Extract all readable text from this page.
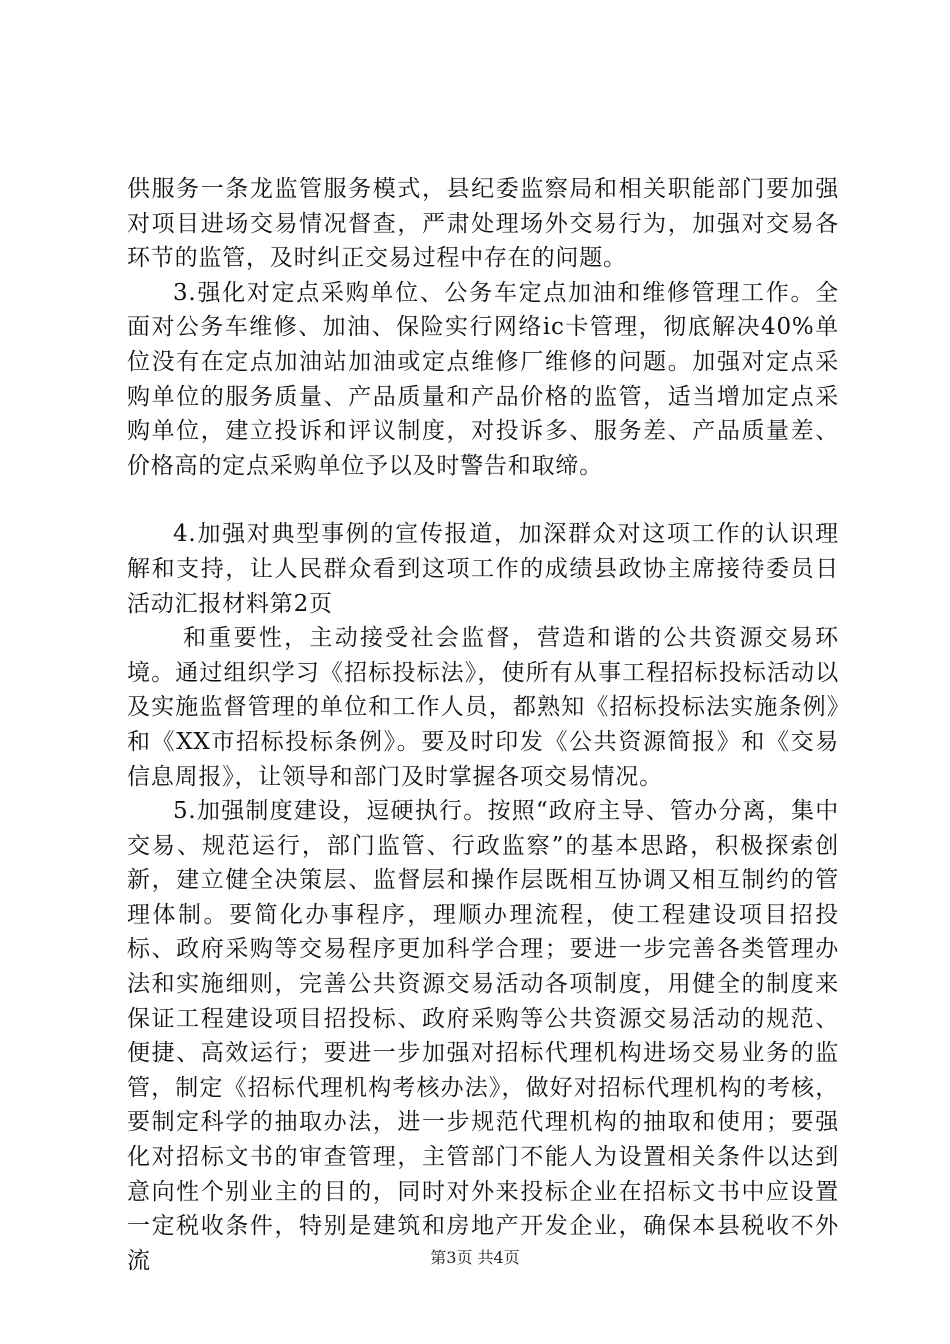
供服务一条龙监管服务模式，县纪委监察局和相关职能部门要加强对项目进场交易情况督查，严肃处理场外交易行为，加强对交易各环节的监管，及时纠正交易过程中存在的问题。

3.强化对定点采购单位、公务车定点加油和维修管理工作。全面对公务车维修、加油、保险实行网络ic卡管理，彻底解决40%单位没有在定点加油站加油或定点维修厂维修的问题。加强对定点采购单位的服务质量、产品质量和产品价格的监管，适当增加定点采购单位，建立投诉和评议制度，对投诉多、服务差、产品质量差、价格高的定点采购单位予以及时警告和取缔。

4.加强对典型事例的宣传报道，加深群众对这项工作的认识理解和支持，让人民群众看到这项工作的成绩县政协主席接待委员日活动汇报材料第2页

和重要性，主动接受社会监督，营造和谐的公共资源交易环境。通过组织学习《招标投标法》，使所有从事工程招标投标活动以及实施监督管理的单位和工作人员，都熟知《招标投标法实施条例》和《XX市招标投标条例》。要及时印发《公共资源简报》和《交易信息周报》，让领导和部门及时掌握各项交易情况。

5.加强制度建设，逗硬执行。按照“政府主导、管办分离，集中交易、规范运行，部门监管、行政监察”的基本思路，积极探索创新，建立健全决策层、监督层和操作层既相互协调又相互制约的管理体制。要简化办事程序，理顺办理流程，使工程建设项目招投标、政府采购等交易程序更加科学合理；要进一步完善各类管理办法和实施细则，完善公共资源交易活动各项制度，用健全的制度来保证工程建设项目招投标、政府采购等公共资源交易活动的规范、便捷、高效运行；要进一步加强对招标代理机构进场交易业务的监管，制定《招标代理机构考核办法》，做好对招标代理机构的考核，要制定科学的抽取办法，进一步规范代理机构的抽取和使用；要强化对招标文书的审查管理，主管部门不能人为设置相关条件以达到意向性个别业主的目的，同时对外来投标企业在招标文书中应设置一定税收条件，特别是建筑和房地产开发企业，确保本县税收不外流	第3页 共4页
